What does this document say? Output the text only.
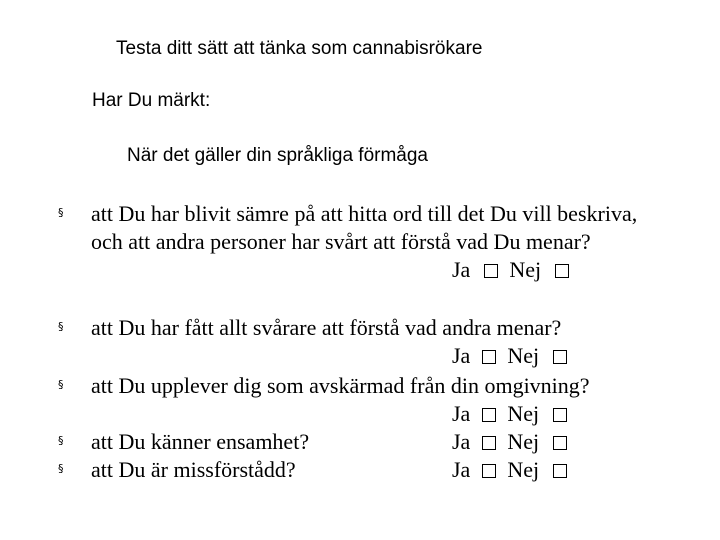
Testa ditt sätt att tänka som cannabisrökare
Har Du märkt:
När det gäller din språkliga förmåga
§ att Du har blivit sämre på att hitta ord till det Du vill beskriva,
och att andra personer har svårt att förstå vad Du menar?
Ja Nej
§ att Du har fått allt svårare att förstå vad andra menar?
Ja Nej
§ att Du upplever dig som avskärmad från din omgivning?
Ja Nej
§ att Du känner ensamhet?	Ja Nej
§ att Du är missförstådd?	Ja Nej
